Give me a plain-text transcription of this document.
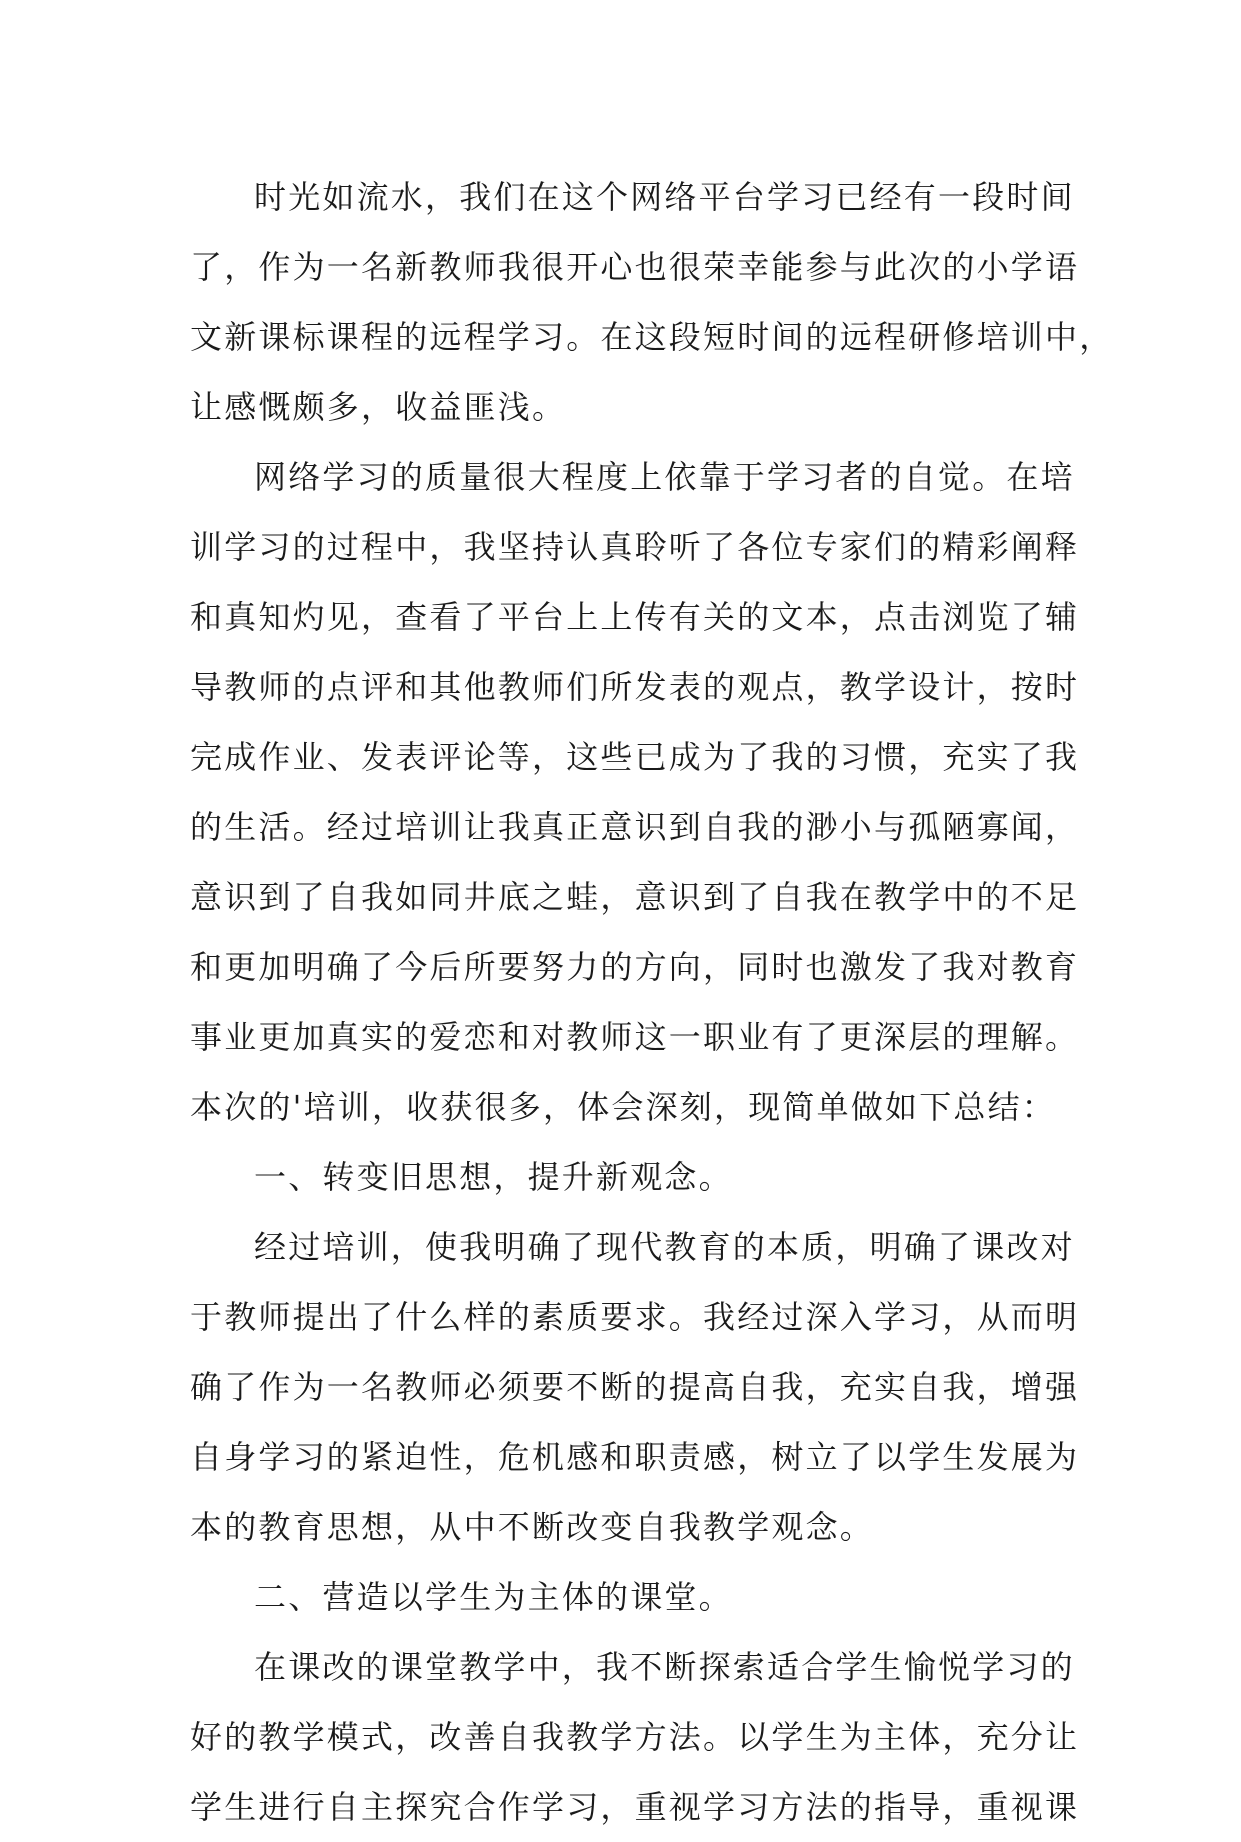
时光如流水，我们在这个网络平台学习已经有一段时间
了，作为一名新教师我很开心也很荣幸能参与此次的小学语
文新课标课程的远程学习。在这段短时间的远程研修培训中，
让感慨颇多，收益匪浅。
网络学习的质量很大程度上依靠于学习者的自觉。在培
训学习的过程中，我坚持认真聆听了各位专家们的精彩阐释
和真知灼见，查看了平台上上传有关的文本，点击浏览了辅
导教师的点评和其他教师们所发表的观点，教学设计，按时
完成作业、发表评论等，这些已成为了我的习惯，充实了我
的生活。经过培训让我真正意识到自我的渺小与孤陋寡闻，
意识到了自我如同井底之蛙，意识到了自我在教学中的不足
和更加明确了今后所要努力的方向，同时也激发了我对教育
事业更加真实的爱恋和对教师这一职业有了更深层的理解。
本次的'培训，收获很多，体会深刻，现简单做如下总结：
一、转变旧思想，提升新观念。
经过培训，使我明确了现代教育的本质，明确了课改对
于教师提出了什么样的素质要求。我经过深入学习，从而明
确了作为一名教师必须要不断的提高自我，充实自我，增强
自身学习的紧迫性，危机感和职责感，树立了以学生发展为
本的教育思想，从中不断改变自我教学观念。
二、营造以学生为主体的课堂。
在课改的课堂教学中，我不断探索适合学生愉悦学习的
好的教学模式，改善自我教学方法。以学生为主体，充分让
学生进行自主探究合作学习，重视学习方法的指导，重视课
